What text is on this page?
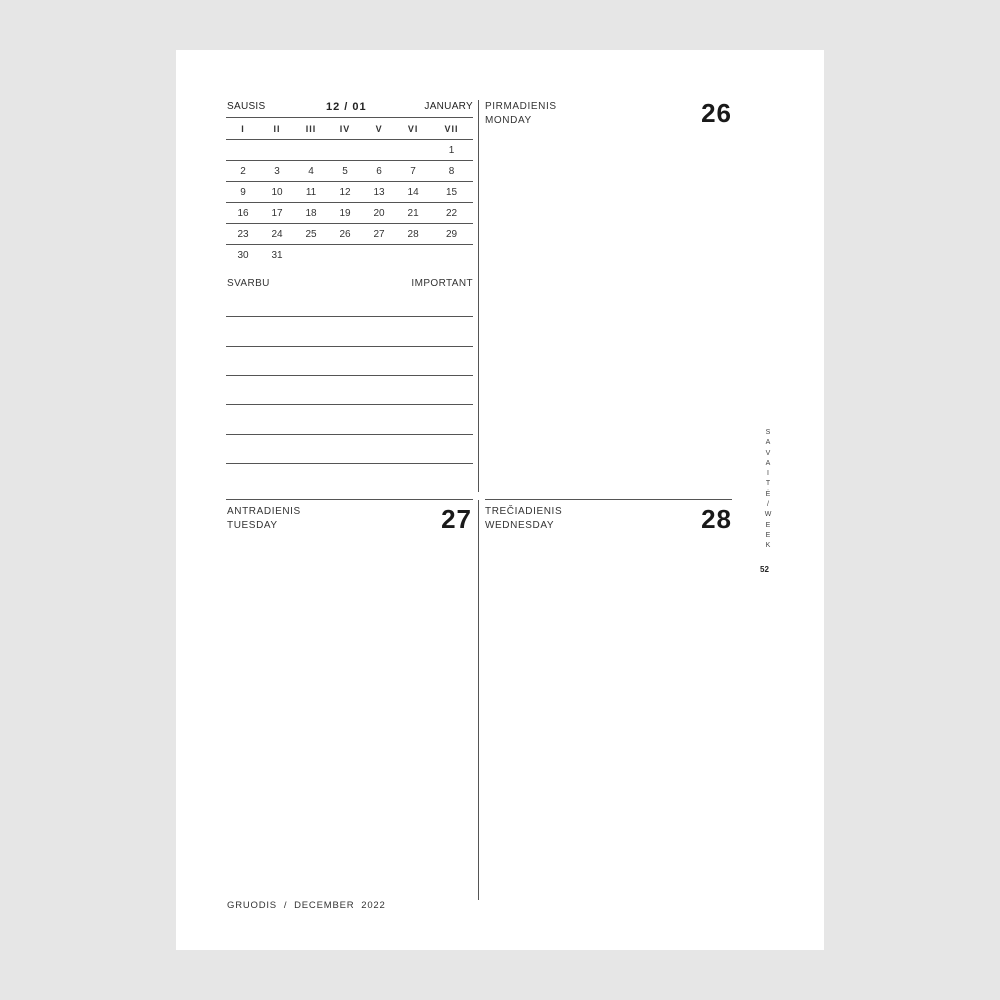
SAUSIS	12 / 01	JANUARY
I	II	III	IV	V	VI	VII
						1
2	3	4	5	6	7	8
9	10	11	12	13	14	15
16	17	18	19	20	21	22
23	24	25	26	27	28	29
30	31					
SVARBU	IMPORTANT
PIRMADIENIS
MONDAY	26
ANTRADIENIS
TUESDAY	27 TREČIADIENIS
WEDNESDAY	28
S
A
V
A
I
T
Ė
/
W
E
E
K
52
GRUODIS  /  DECEMBER  2022
